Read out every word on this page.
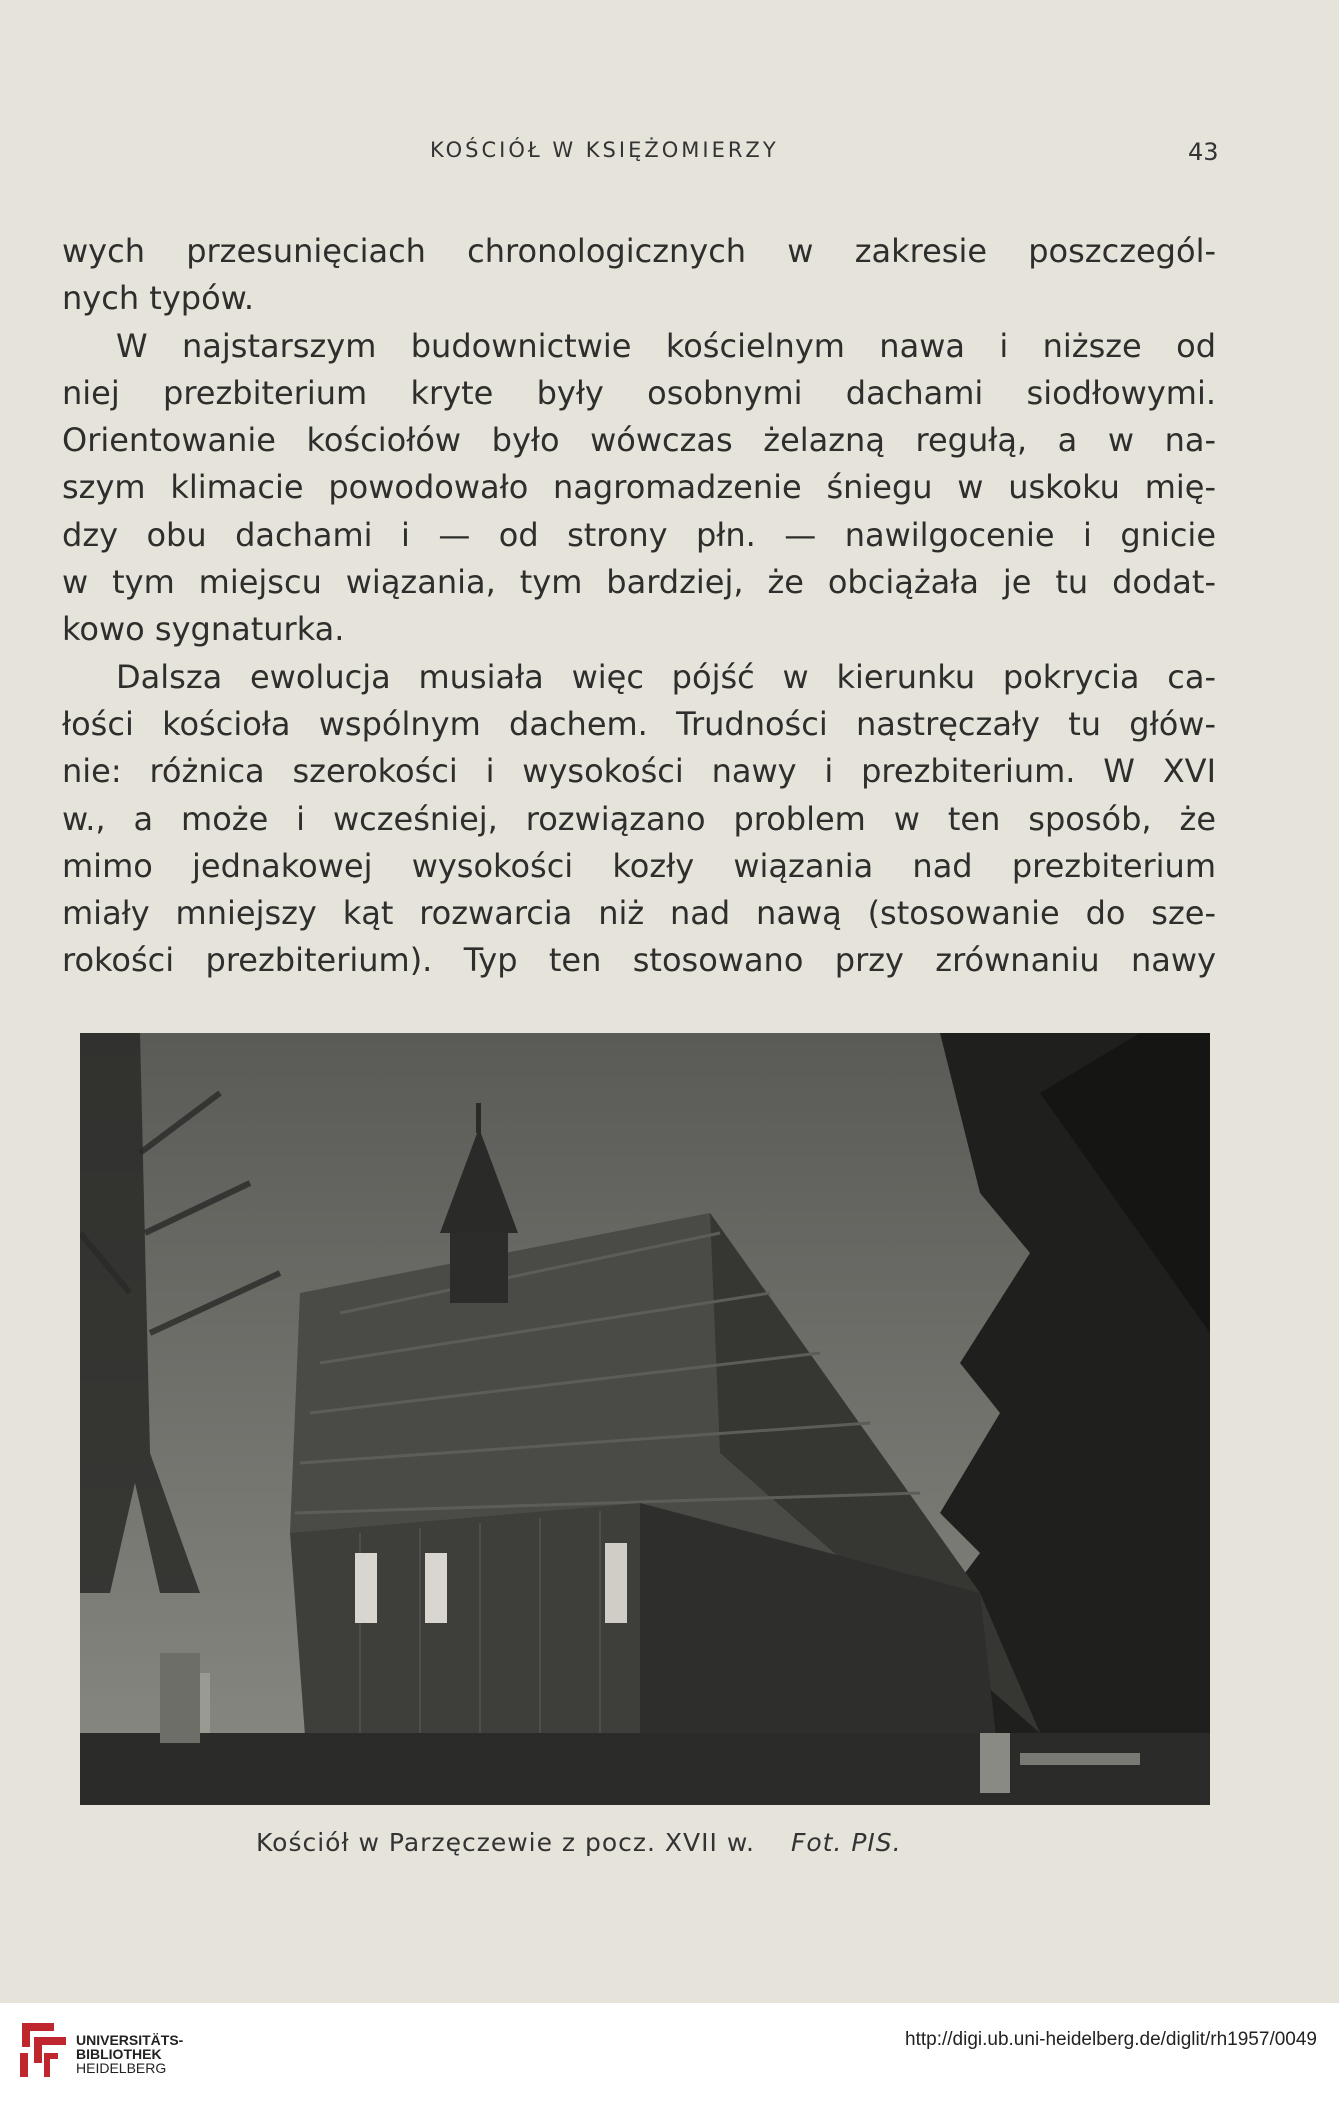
KOŚCIÓŁ W KSIĘŻOMIERZY	43
wych przesunięciach chronologicznych w zakresie poszczegól-
nych typów.
W najstarszym budownictwie kościelnym nawa i niższe od
niej prezbiterium kryte były osobnymi dachami siodłowymi.
Orientowanie kościołów było wówczas żelazną regułą, a w na-
szym klimacie powodowało nagromadzenie śniegu w uskoku mię-
dzy obu dachami i — od strony płn. — nawilgocenie i gnicie
w tym miejscu wiązania, tym bardziej, że obciążała je tu dodat-
kowo sygnaturka.
Dalsza ewolucja musiała więc pójść w kierunku pokrycia ca-
łości kościoła wspólnym dachem. Trudności nastręczały tu głów-
nie: różnica szerokości i wysokości nawy i prezbiterium. W XVI
w., a może i wcześniej, rozwiązano problem w ten sposób, że
mimo jednakowej wysokości kozły wiązania nad prezbiterium
miały mniejszy kąt rozwarcia niż nad nawą (stosowanie do sze-
rokości prezbiterium). Typ ten stosowano przy zrównaniu nawy
Kościół w Parzęczewie z pocz. XVII w. Fot. PIS.
UNIVERSITÄTS-
BIBLIOTHEK
HEIDELBERG
http://digi.ub.uni-heidelberg.de/diglit/rh1957/0049
